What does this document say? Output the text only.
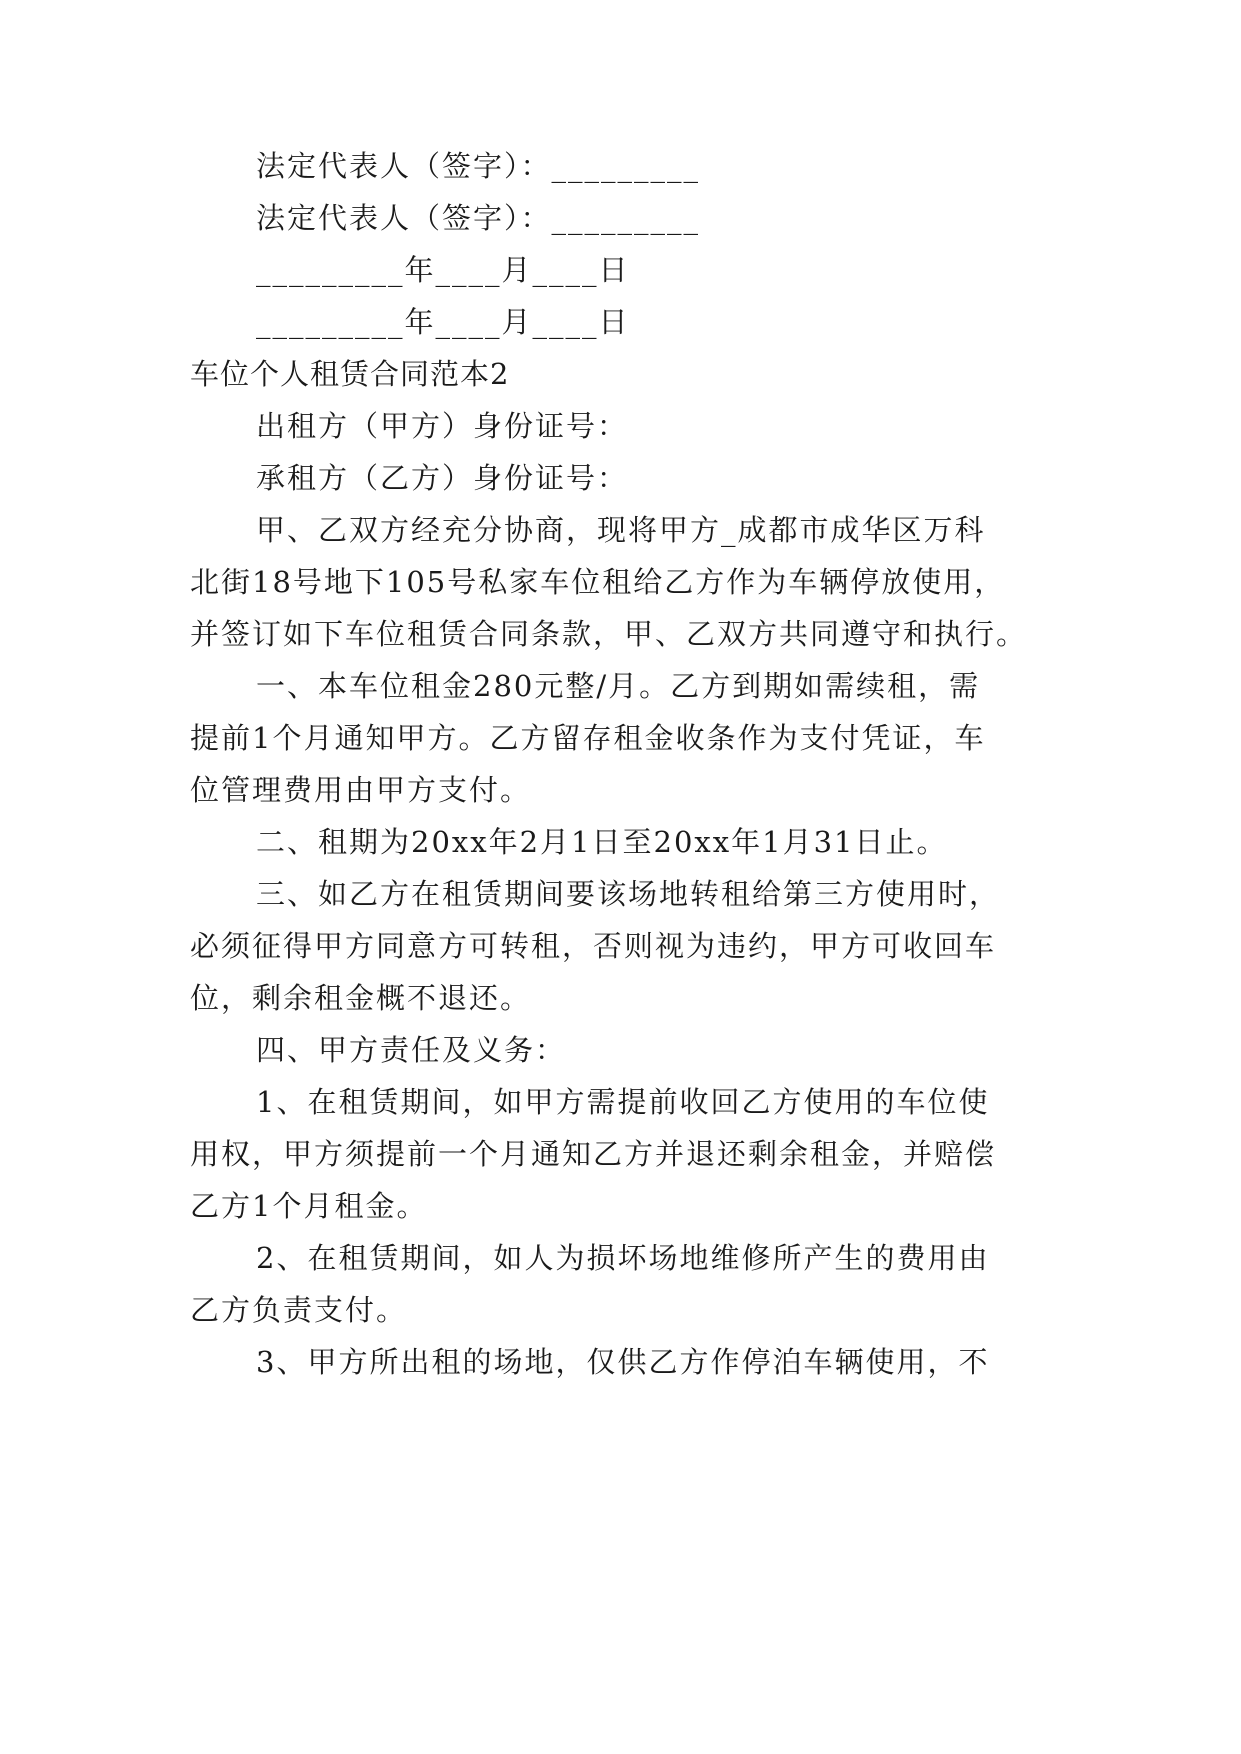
法定代表人（签字）：_________
法定代表人（签字）：_________
_________年____月____日
_________年____月____日
车位个人租赁合同范本2
出租方（甲方）身份证号：
承租方（乙方）身份证号：
甲、乙双方经充分协商，现将甲方_成都市成华区万科
北街18号地下105号私家车位租给乙方作为车辆停放使用，
并签订如下车位租赁合同条款，甲、乙双方共同遵守和执行。
一、本车位租金280元整/月。乙方到期如需续租，需
提前1个月通知甲方。乙方留存租金收条作为支付凭证，车
位管理费用由甲方支付。
二、租期为20xx年2月1日至20xx年1月31日止。
三、如乙方在租赁期间要该场地转租给第三方使用时，
必须征得甲方同意方可转租，否则视为违约，甲方可收回车
位，剩余租金概不退还。
四、甲方责任及义务：
1、在租赁期间，如甲方需提前收回乙方使用的车位使
用权，甲方须提前一个月通知乙方并退还剩余租金，并赔偿
乙方1个月租金。
2、在租赁期间，如人为损坏场地维修所产生的费用由
乙方负责支付。
3、甲方所出租的场地，仅供乙方作停泊车辆使用，不
